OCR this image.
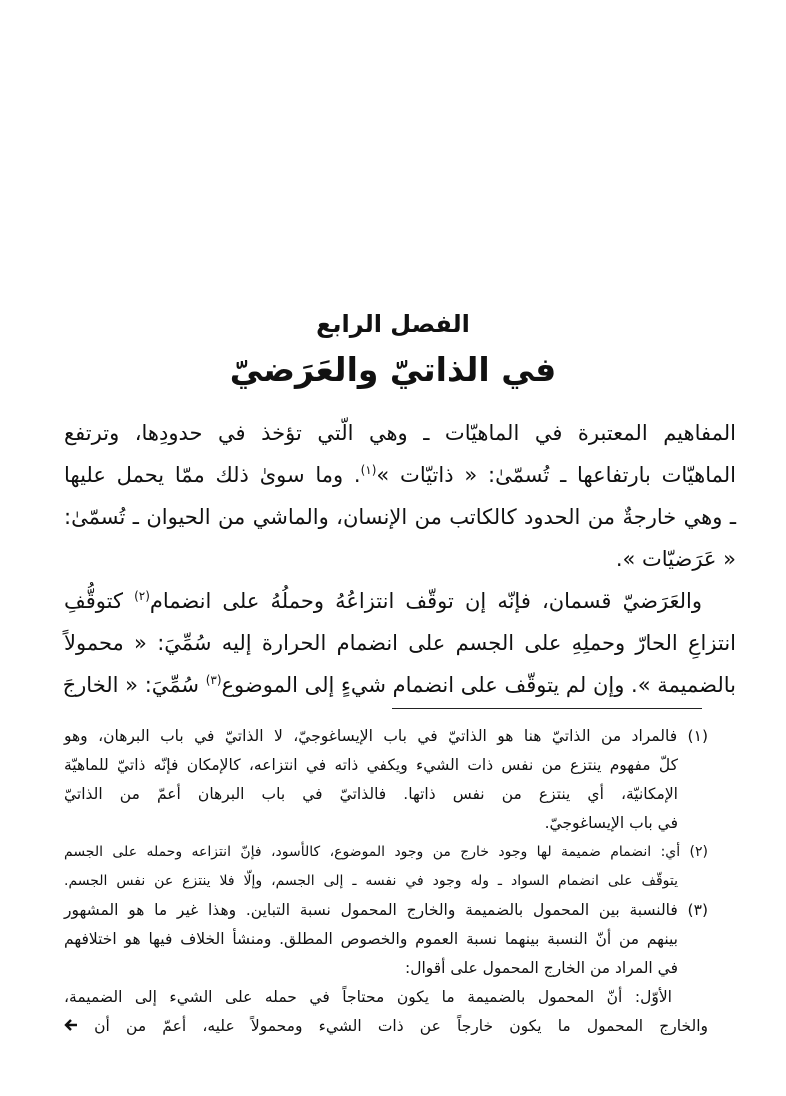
الفصل الرابع
في الذاتيّ والعَرَضيّ
المفاهيم المعتبرة في الماهيّات ـ وهي الّتي تؤخذ في حدودِها، وترتفع
الماهيّات بارتفاعها ـ تُسمّىٰ: « ذاتيّات »$^{(١)}$. وما سوىٰ ذلك ممّا يحمل عليها
ـ وهي خارجةٌ من الحدود كالكاتب من الإنسان، والماشي من الحيوان ـ تُسمّىٰ:
« عَرَضيّات ».
والعَرَضيّ قسمان، فإنّه إن توقّف انتزاعُهُ وحملُهُ على انضمام$^{(٢)}$ كتوقُّفِ
انتزاعِ الحارّ وحملِهِ على الجسم على انضمام الحرارة إليه سُمِّيَ: « محمولاً
بالضميمة ». وإن لم يتوقّف على انضمام شيءٍ إلى الموضوع$^{(٣)}$ سُمِّيَ: « الخارجَ
(١) فالمراد من الذاتيّ هنا هو الذاتيّ في باب الإيساغوجيّ، لا الذاتيّ في باب البرهان، وهو
كلّ مفهوم ينتزع من نفس ذات الشيء ويكفي ذاته في انتزاعه، كالإمكان فإنّه ذاتيّ للماهيّة
الإمكانيّة، أي ينتزع من نفس ذاتها. فالذاتيّ في باب البرهان أعمّ من الذاتيّ
في باب الإيساغوجيّ.
(٢) أي: انضمام ضميمة لها وجود خارج من وجود الموضوع، كالأسود، فإنّ انتزاعه وحمله على الجسم
يتوقّف على انضمام السواد ـ وله وجود في نفسه ـ إلى الجسم، وإلّا فلا ينتزع عن نفس الجسم.
(٣) فالنسبة بين المحمول بالضميمة والخارج المحمول نسبة التباين. وهذا غير ما هو المشهور
بينهم من أنّ النسبة بينهما نسبة العموم والخصوص المطلق. ومنشأ الخلاف فيها هو اختلافهم
في المراد من الخارج المحمول على أقوال:
الأوّل: أنّ المحمول بالضميمة ما يكون محتاجاً في حمله على الشيء إلى الضميمة،
والخارج المحمول ما يكون خارجاً عن ذات الشيء ومحمولاً عليه، أعمّ من أن
